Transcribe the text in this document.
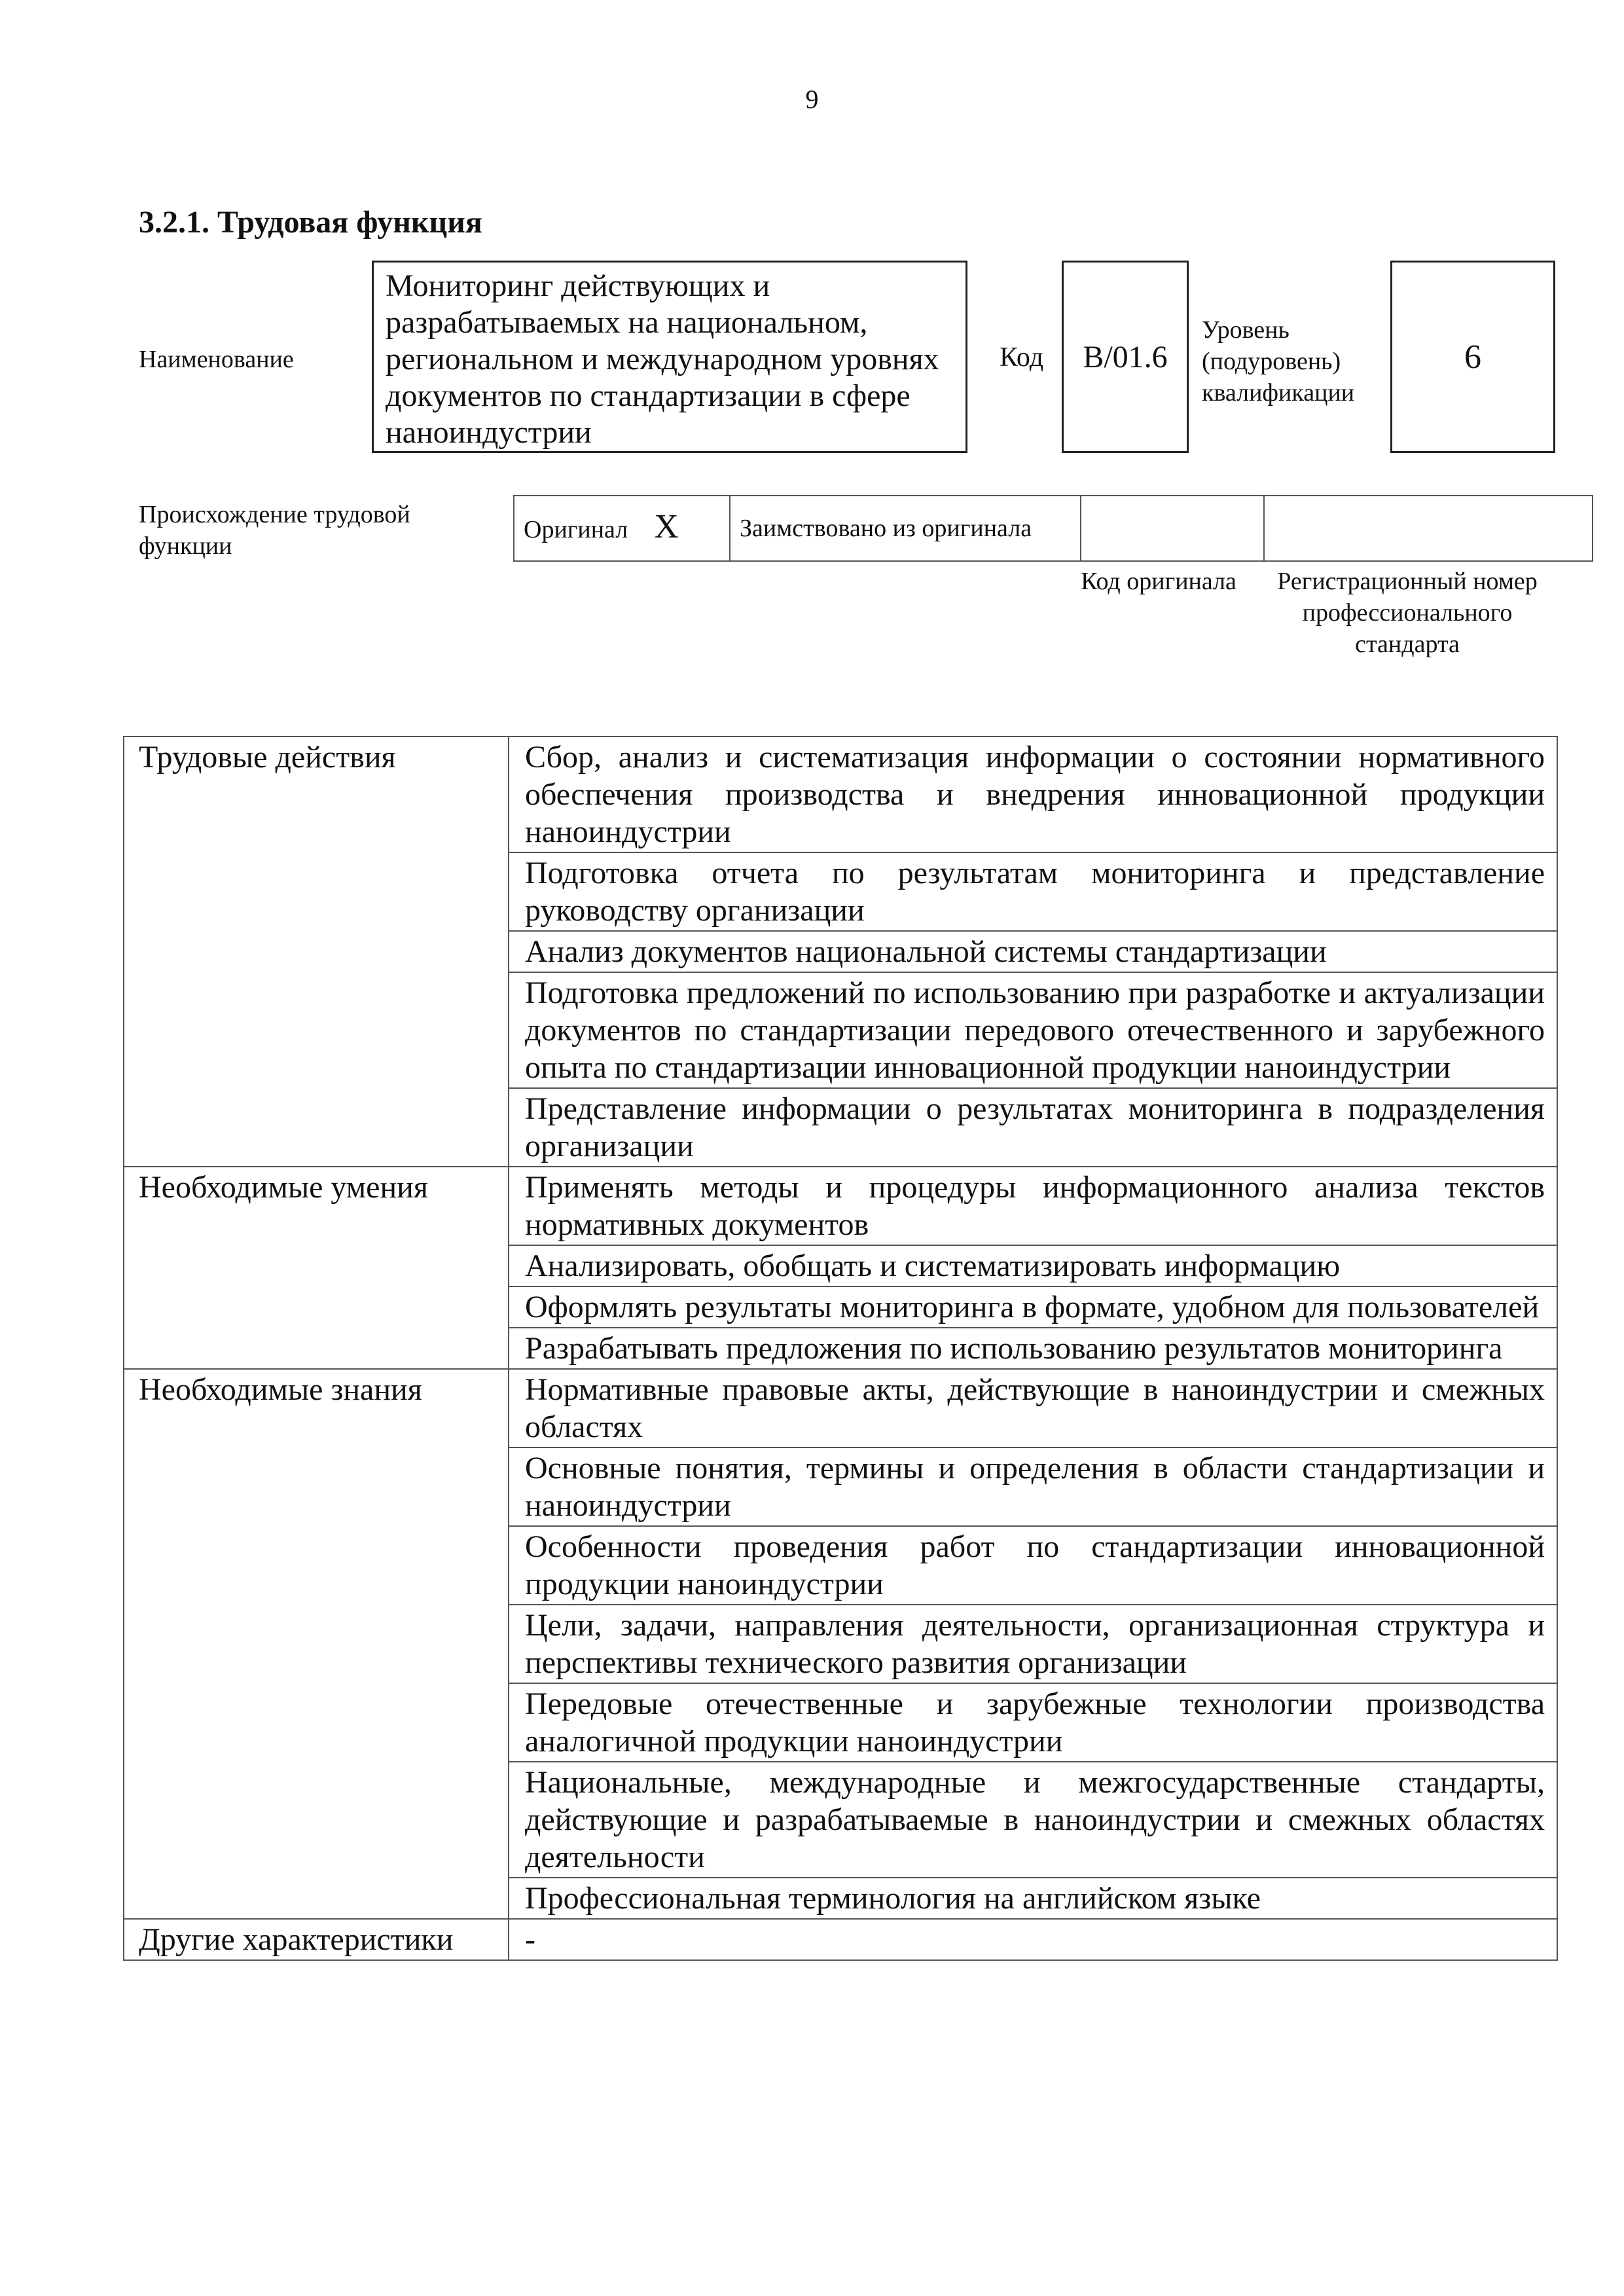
9
3.2.1. Трудовая функция
Наименование
Мониторинг действующих и разрабатываемых на национальном, региональном и международном уровнях документов по стандартизации в сфере наноиндустрии
Код	B/01.6
Уровень (подуровень) квалификации
6
Происхождение трудовой функции
Оригинал X	Заимствовано из оригинала		
Код оригинала	Регистрационный номер профессионального стандарта
Трудовые действия	Сбор, анализ и систематизация информации о состоянии нормативного обеспечения производства и внедрения инновационной продукции наноиндустрии
	Подготовка отчета по результатам мониторинга и представление руководству организации
	Анализ документов национальной системы стандартизации
	Подготовка предложений по использованию при разработке и актуализации документов по стандартизации передового отечественного и зарубежного опыта по стандартизации инновационной продукции наноиндустрии
	Представление информации о результатах мониторинга в подразделения организации
Необходимые умения	Применять методы и процедуры информационного анализа текстов нормативных документов
	Анализировать, обобщать и систематизировать информацию
	Оформлять результаты мониторинга в формате, удобном для пользователей
	Разрабатывать предложения по использованию результатов мониторинга
Необходимые знания	Нормативные правовые акты, действующие в наноиндустрии и смежных областях
	Основные понятия, термины и определения в области стандартизации и наноиндустрии
	Особенности проведения работ по стандартизации инновационной продукции наноиндустрии
	Цели, задачи, направления деятельности, организационная структура и перспективы технического развития организации
	Передовые отечественные и зарубежные технологии производства аналогичной продукции наноиндустрии
	Национальные, международные и межгосударственные стандарты, действующие и разрабатываемые в наноиндустрии и смежных областях деятельности
	Профессиональная терминология на английском языке
Другие характеристики	-
